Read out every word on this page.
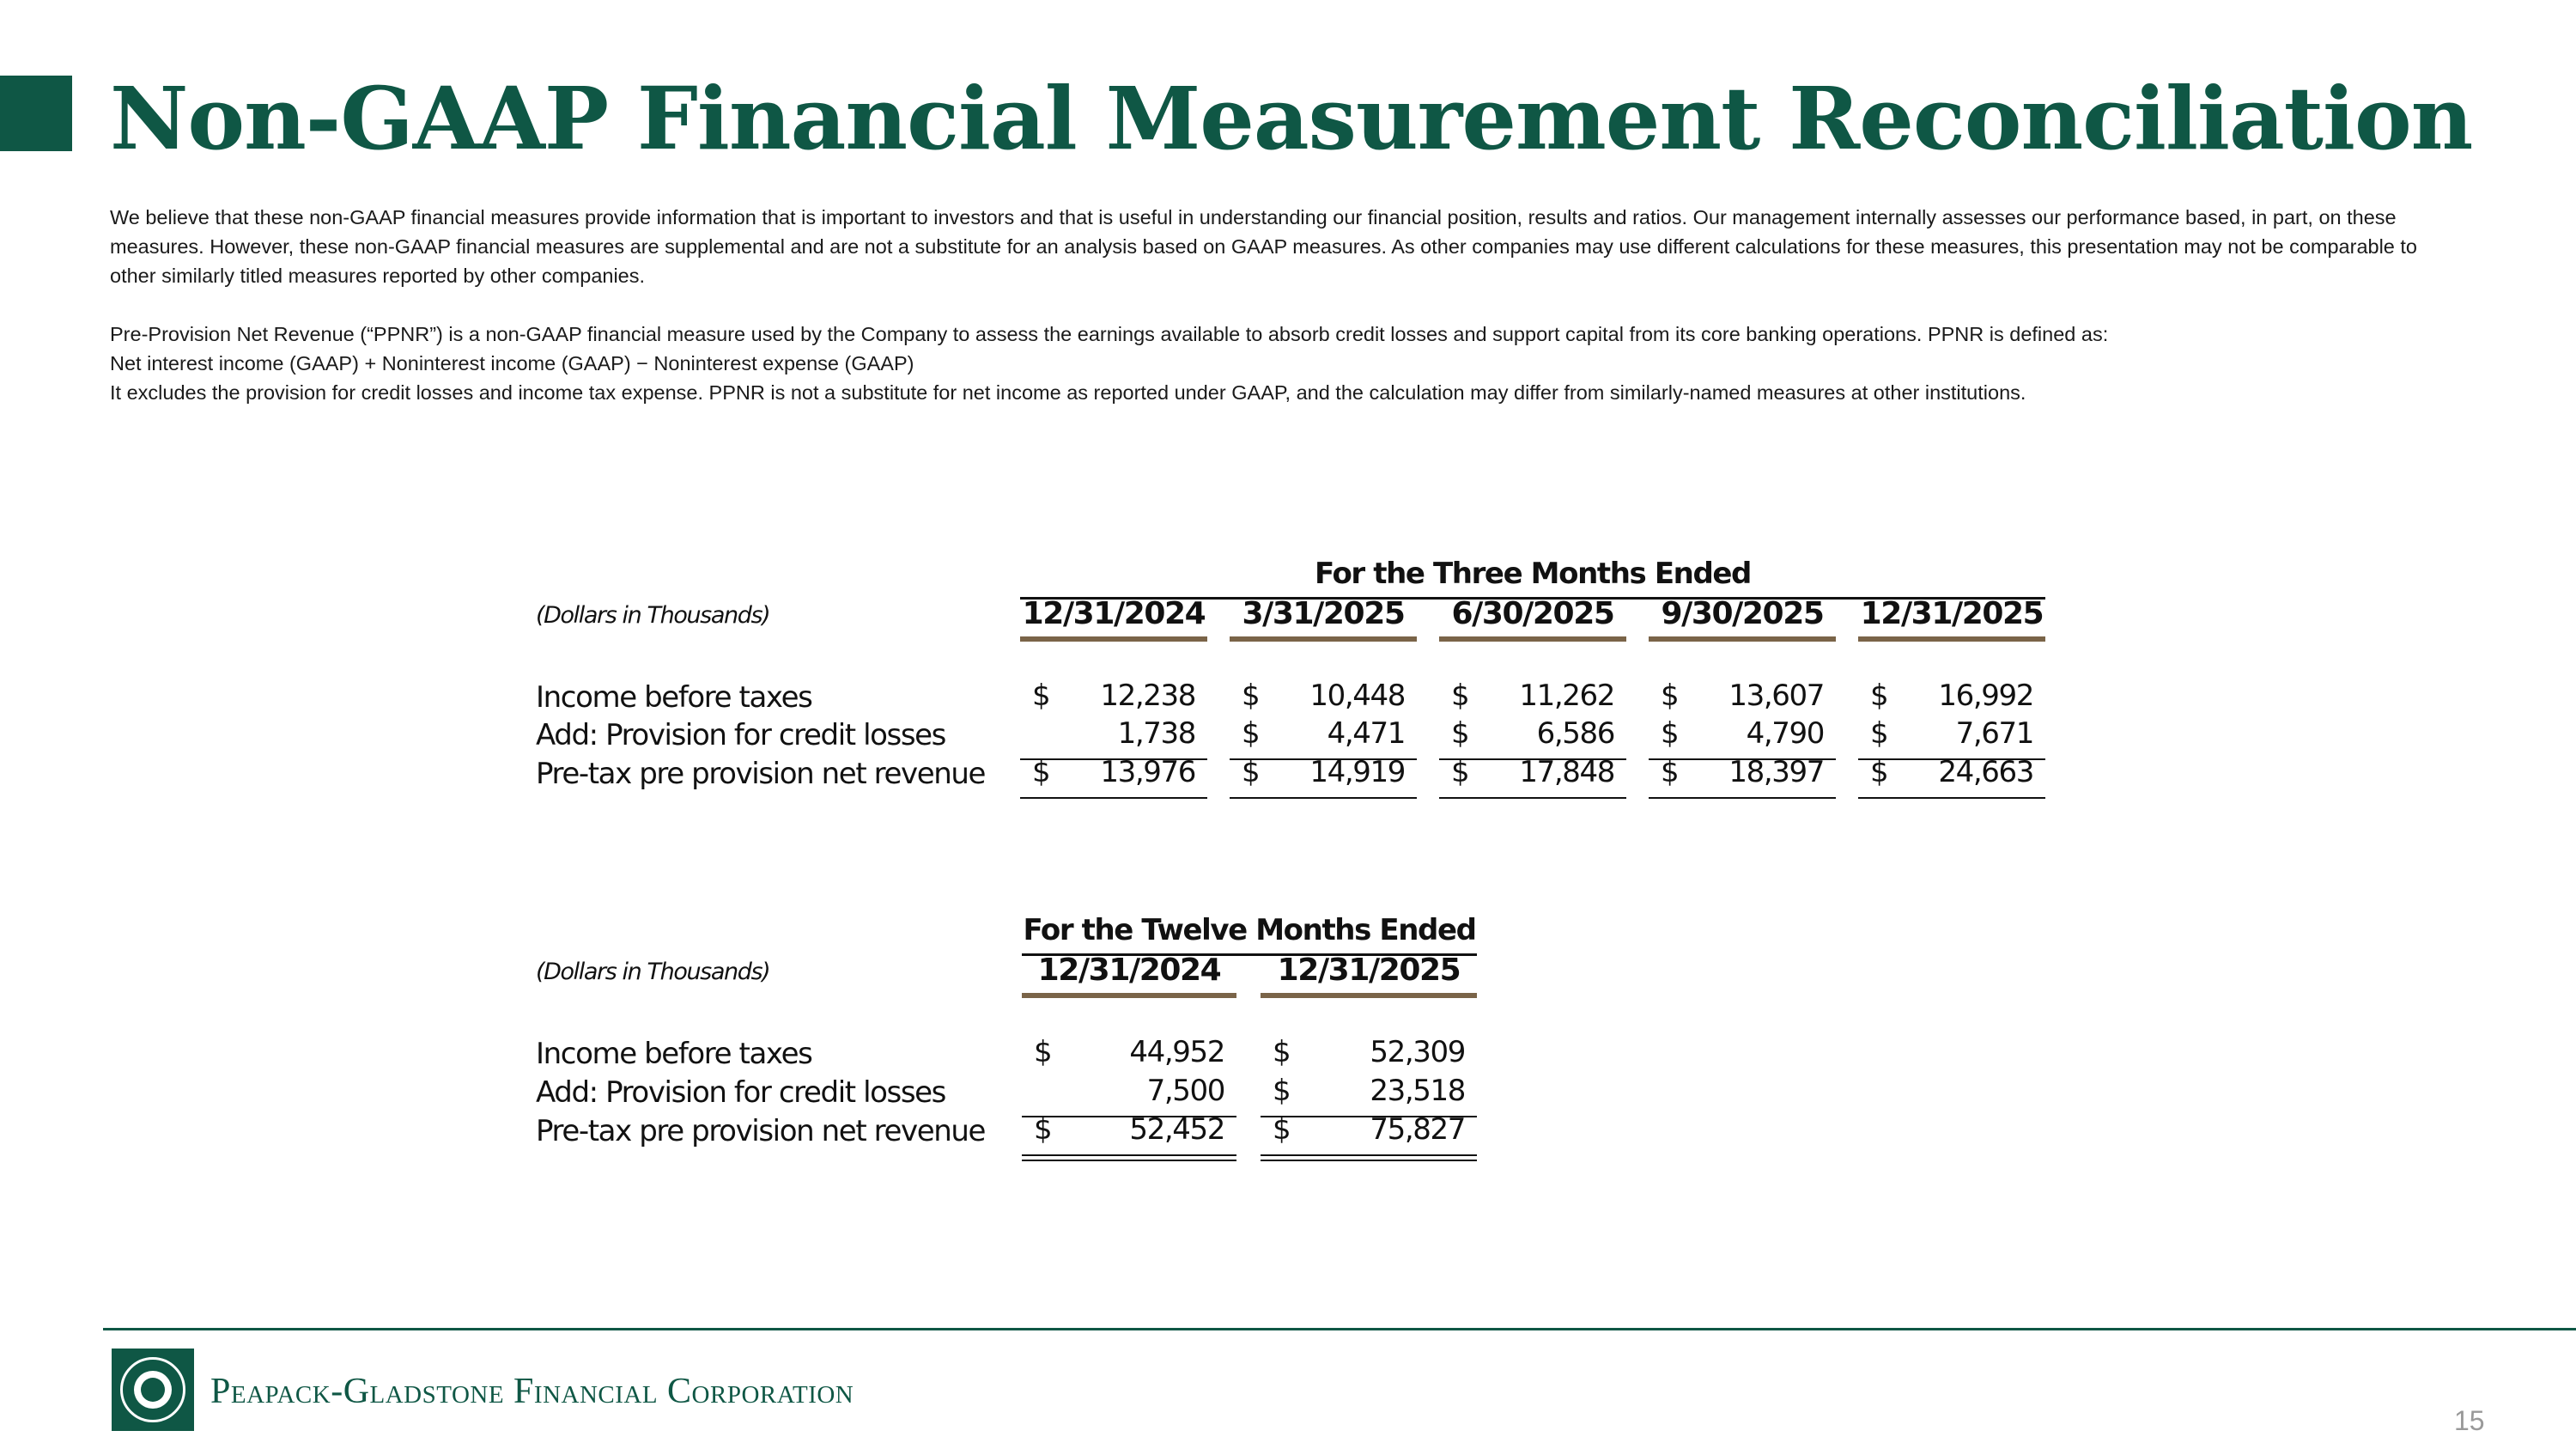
Non-GAAP Financial Measurement Reconciliation

We believe that these non-GAAP financial measures provide information that is important to investors and that is useful in understanding our financial position, results and ratios. Our management internally assesses our performance based, in part, on these measures. However, these non-GAAP financial measures are supplemental and are not a substitute for an analysis based on GAAP measures. As other companies may use different calculations for these measures, this presentation may not be comparable to other similarly titled measures reported by other companies.

Pre-Provision Net Revenue (“PPNR”) is a non-GAAP financial measure used by the Company to assess the earnings available to absorb credit losses and support capital from its core banking operations. PPNR is defined as:
Net interest income (GAAP) + Noninterest income (GAAP) − Noninterest expense (GAAP)
It excludes the provision for credit losses and income tax expense. PPNR is not a substitute for net income as reported under GAAP, and the calculation may differ from similarly-named measures at other institutions.
For the Three Months Ended
(Dollars in Thousands)	12/31/2024	3/31/2025	6/30/2025	9/30/2025	12/31/2025
Income before taxes	$	12,238 $	10,448 $	11,262 $	13,607 $	16,992
Add: Provision for credit losses	1,738 $	4,471 $	6,586 $	4,790 $	7,671
Pre-tax pre provision net revenue $	13,976 $	14,919 $	17,848 $	18,397 $	24,663
For the Twelve Months Ended
(Dollars in Thousands)	12/31/2024	12/31/2025
Income before taxes	$	44,952 $	52,309
Add: Provision for credit losses	7,500 $	23,518
Pre-tax pre provision net revenue $	52,452 $	75,827
Peapack-Gladstone Financial Corporation
15
